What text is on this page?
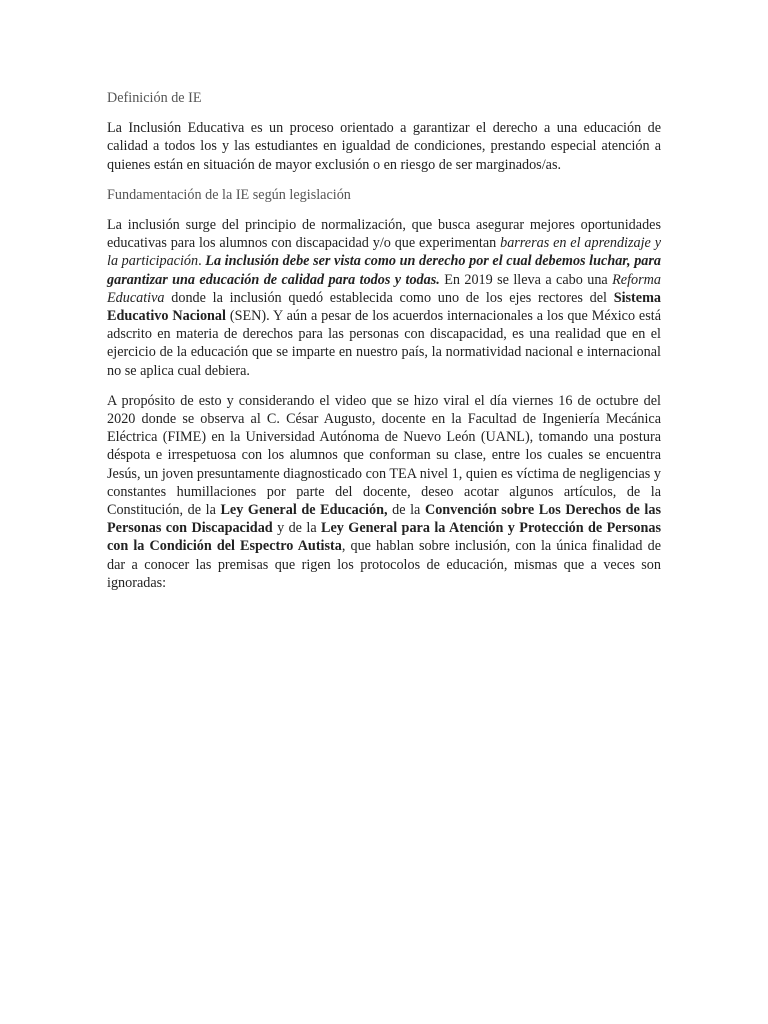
Definición de IE

La Inclusión Educativa es un proceso orientado a garantizar el derecho a una educación de calidad a todos los y las estudiantes en igualdad de condiciones, prestando especial atención a quienes están en situación de mayor exclusión o en riesgo de ser marginados/as.

Fundamentación de la IE según legislación

La inclusión surge del principio de normalización, que busca asegurar mejores oportunidades educativas para los alumnos con discapacidad y/o que experimentan barreras en el aprendizaje y la participación. La inclusión debe ser vista como un derecho por el cual debemos luchar, para garantizar una educación de calidad para todos y todas. En 2019 se lleva a cabo una Reforma Educativa donde la inclusión quedó establecida como uno de los ejes rectores del Sistema Educativo Nacional (SEN). Y aún a pesar de los acuerdos internacionales a los que México está adscrito en materia de derechos para las personas con discapacidad, es una realidad que en el ejercicio de la educación que se imparte en nuestro país, la normatividad nacional e internacional no se aplica cual debiera.

A propósito de esto y considerando el video que se hizo viral el día viernes 16 de octubre del 2020 donde se observa al C. César Augusto, docente en la Facultad de Ingeniería Mecánica Eléctrica (FIME) en la Universidad Autónoma de Nuevo León (UANL), tomando una postura déspota e irrespetuosa con los alumnos que conforman su clase, entre los cuales se encuentra Jesús, un joven presuntamente diagnosticado con TEA nivel 1, quien es víctima de negligencias y constantes humillaciones por parte del docente, deseo acotar algunos artículos, de la Constitución, de la Ley General de Educación, de la Convención sobre Los Derechos de las Personas con Discapacidad y de la Ley General para la Atención y Protección de Personas con la Condición del Espectro Autista, que hablan sobre inclusión, con la única finalidad de dar a conocer las premisas que rigen los protocolos de educación, mismas que a veces son ignoradas:
